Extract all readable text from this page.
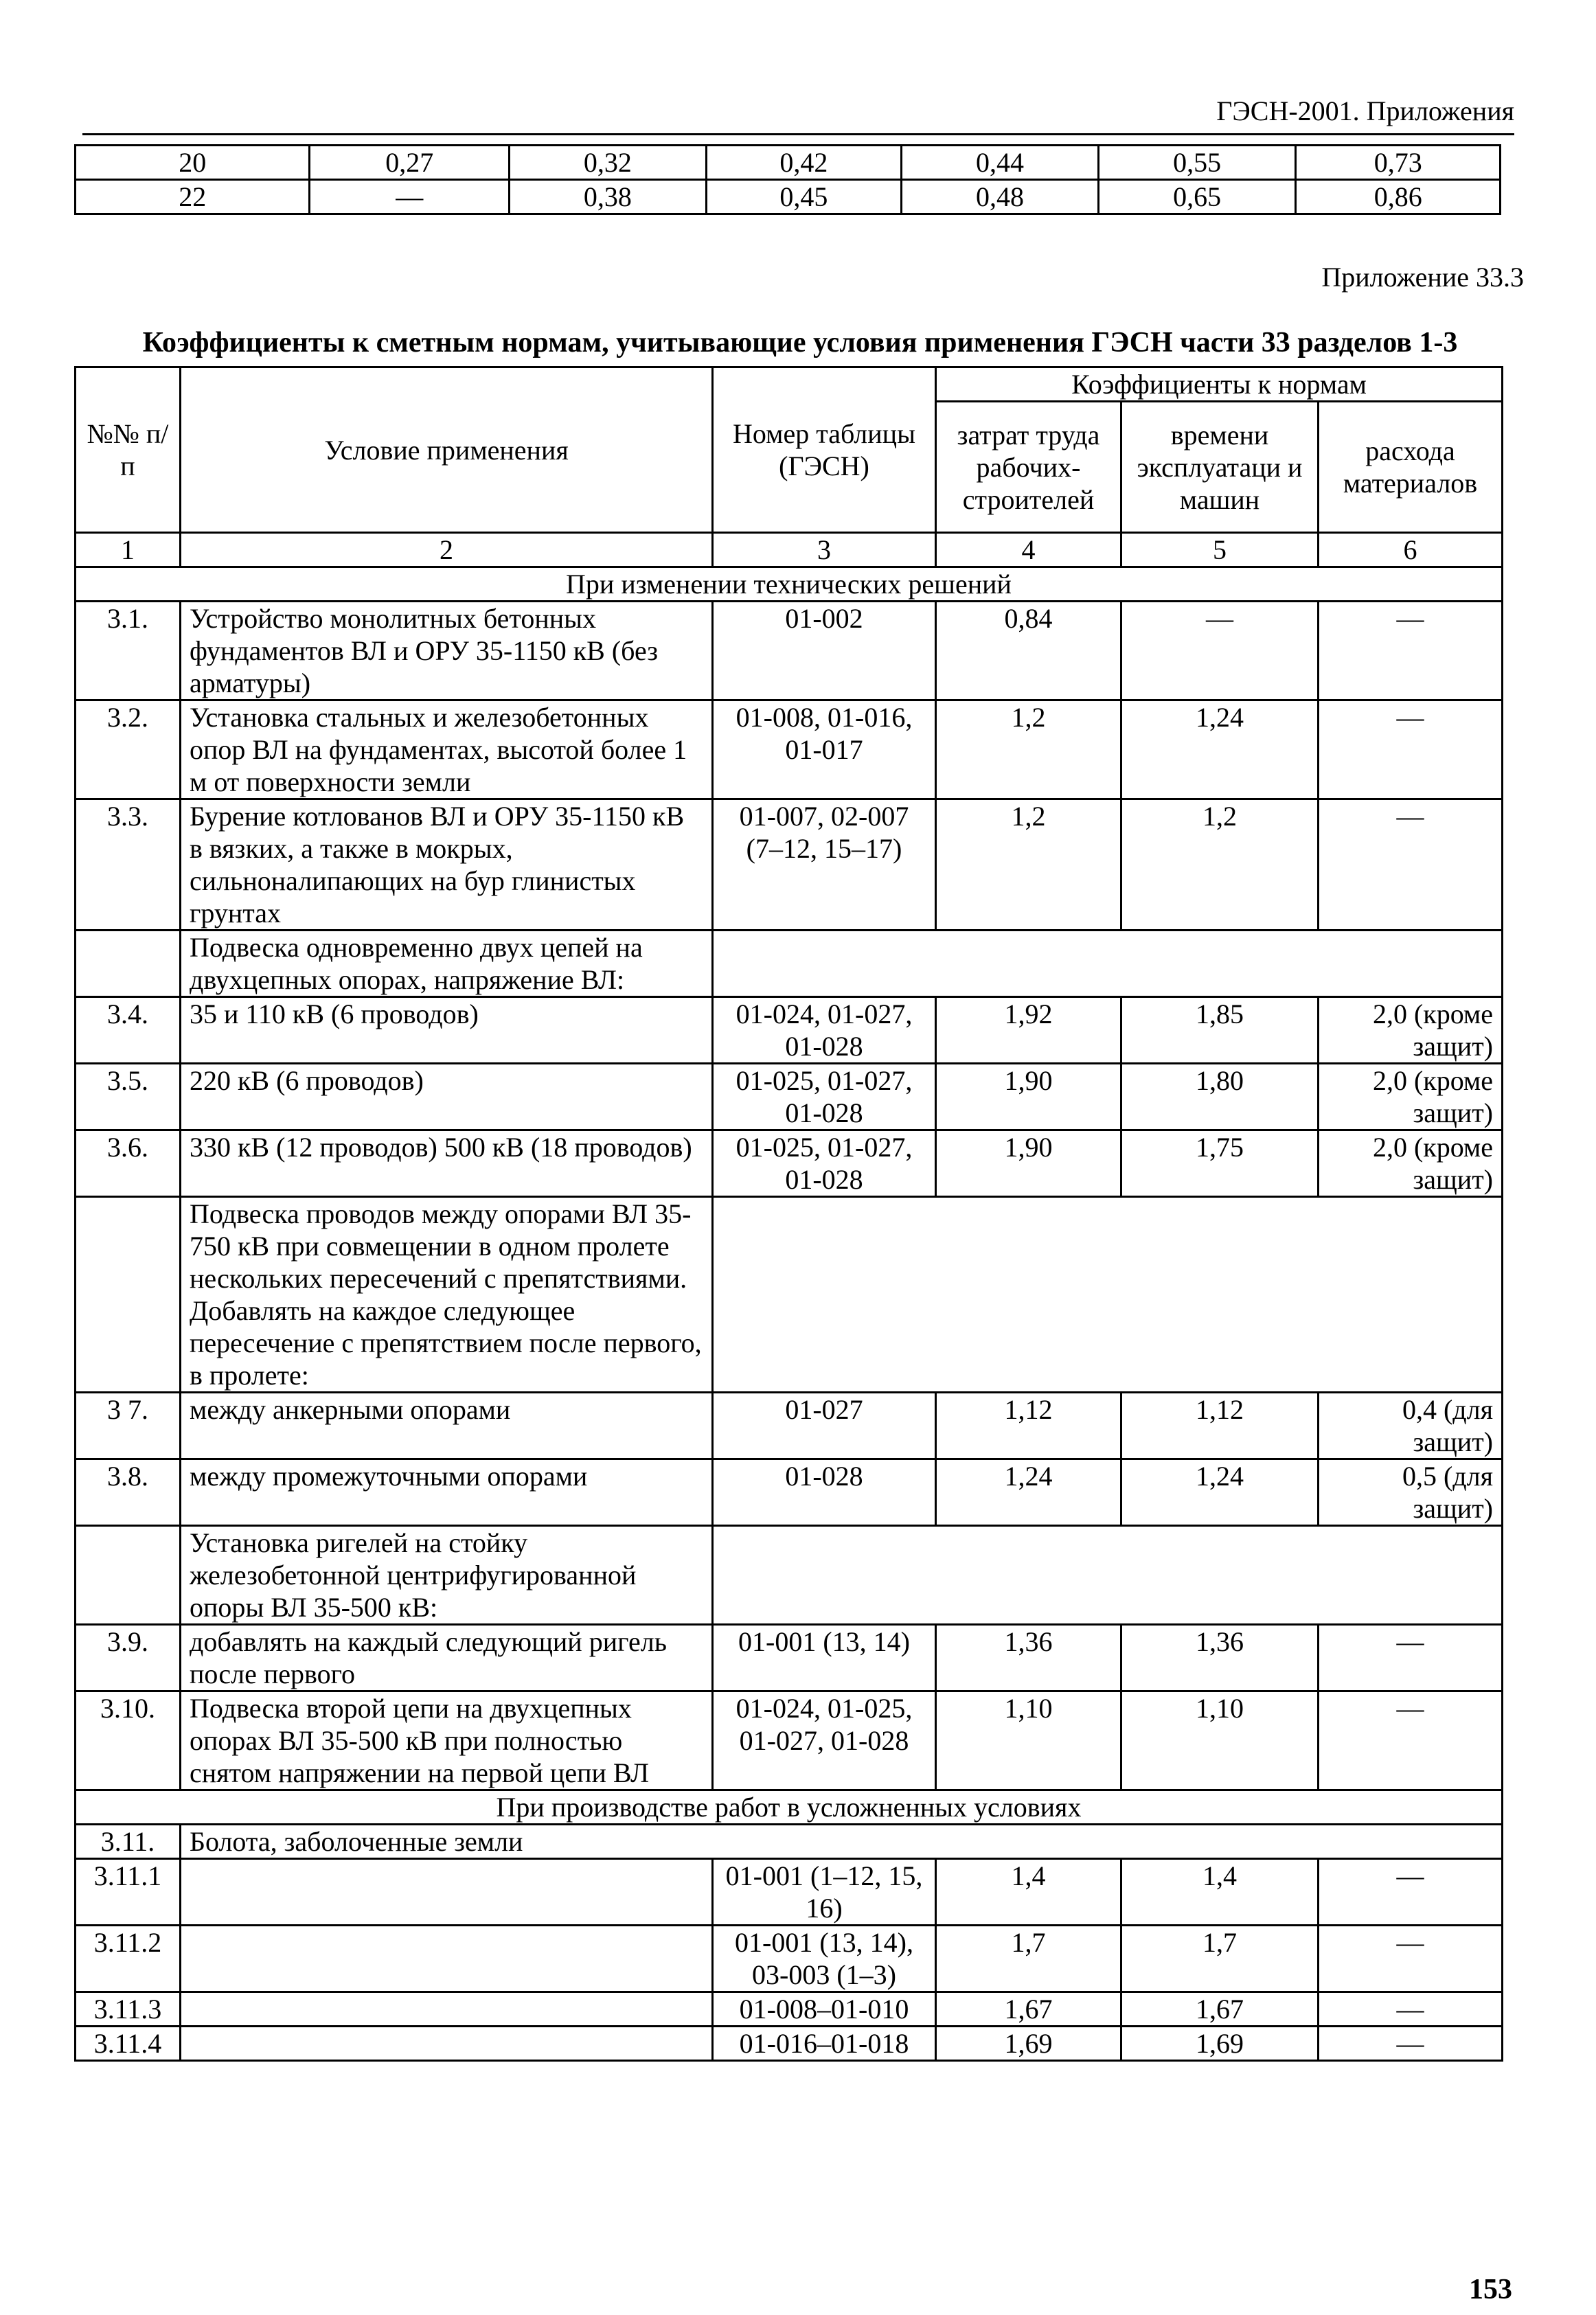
ГЭСН-2001. Приложения
20	0,27	0,32	0,42	0,44	0,55	0,73
22	—	0,38	0,45	0,48	0,65	0,86
Приложение 33.3
Коэффициенты к сметным нормам, учитывающие условия применения ГЭСН части 33 разделов 1-3
№№ п/п	Условие применения	Номер таблицы (ГЭСН)	Коэффициенты к нормам		
			затрат труда рабочих-строителей	времени эксплуатаци и машин	расхода материалов
1	2	3	4	5	6
При изменении технических решений					
3.1.	Устройство монолитных бетонных фундаментов ВЛ и ОРУ 35-1150 кВ (без арматуры)	01-002	0,84	—	—
3.2.	Установка стальных и железобетонных опор ВЛ на фундаментах, высотой более 1 м от поверхности земли	01-008, 01-016, 01-017	1,2	1,24	—
3.3.	Бурение котлованов ВЛ и ОРУ 35-1150 кВ в вязких, а также в мокрых, сильноналипающих на бур глинистых грунтах	01-007, 02-007 (7–12, 15–17)	1,2	1,2	—
	Подвеска одновременно двух цепей на двухцепных опорах, напряжение ВЛ:				
3.4.	35 и 110 кВ (6 проводов)	01-024, 01-027, 01-028	1,92	1,85	2,0 (кроме защит)
3.5.	220 кВ (6 проводов)	01-025, 01-027, 01-028	1,90	1,80	2,0 (кроме защит)
3.6.	330 кВ (12 проводов) 500 кВ (18 проводов)	01-025, 01-027, 01-028	1,90	1,75	2,0 (кроме защит)
	Подвеска проводов между опорами ВЛ 35-750 кВ при совмещении в одном пролете нескольких пересечений с препятствиями. Добавлять на каждое следующее пересечение с препятствием после первого, в пролете:				
3 7.	между анкерными опорами	01-027	1,12	1,12	0,4 (для защит)
3.8.	между промежуточными опорами	01-028	1,24	1,24	0,5 (для защит)
	Установка ригелей на стойку железобетонной центрифугированной опоры ВЛ 35-500 кВ:				
3.9.	добавлять на каждый следующий ригель после первого	01-001 (13, 14)	1,36	1,36	—
3.10.	Подвеска второй цепи на двухцепных опорах ВЛ 35-500 кВ при полностью снятом напряжении на первой цепи ВЛ	01-024, 01-025, 01-027, 01-028	1,10	1,10	—
При производстве работ в усложненных условиях					
3.11.	Болота, заболоченные земли				
3.11.1		01-001 (1–12, 15, 16)	1,4	1,4	—
3.11.2		01-001 (13, 14), 03-003 (1–3)	1,7	1,7	—
3.11.3		01-008–01-010	1,67	1,67	—
3.11.4		01-016–01-018	1,69	1,69	—
153
